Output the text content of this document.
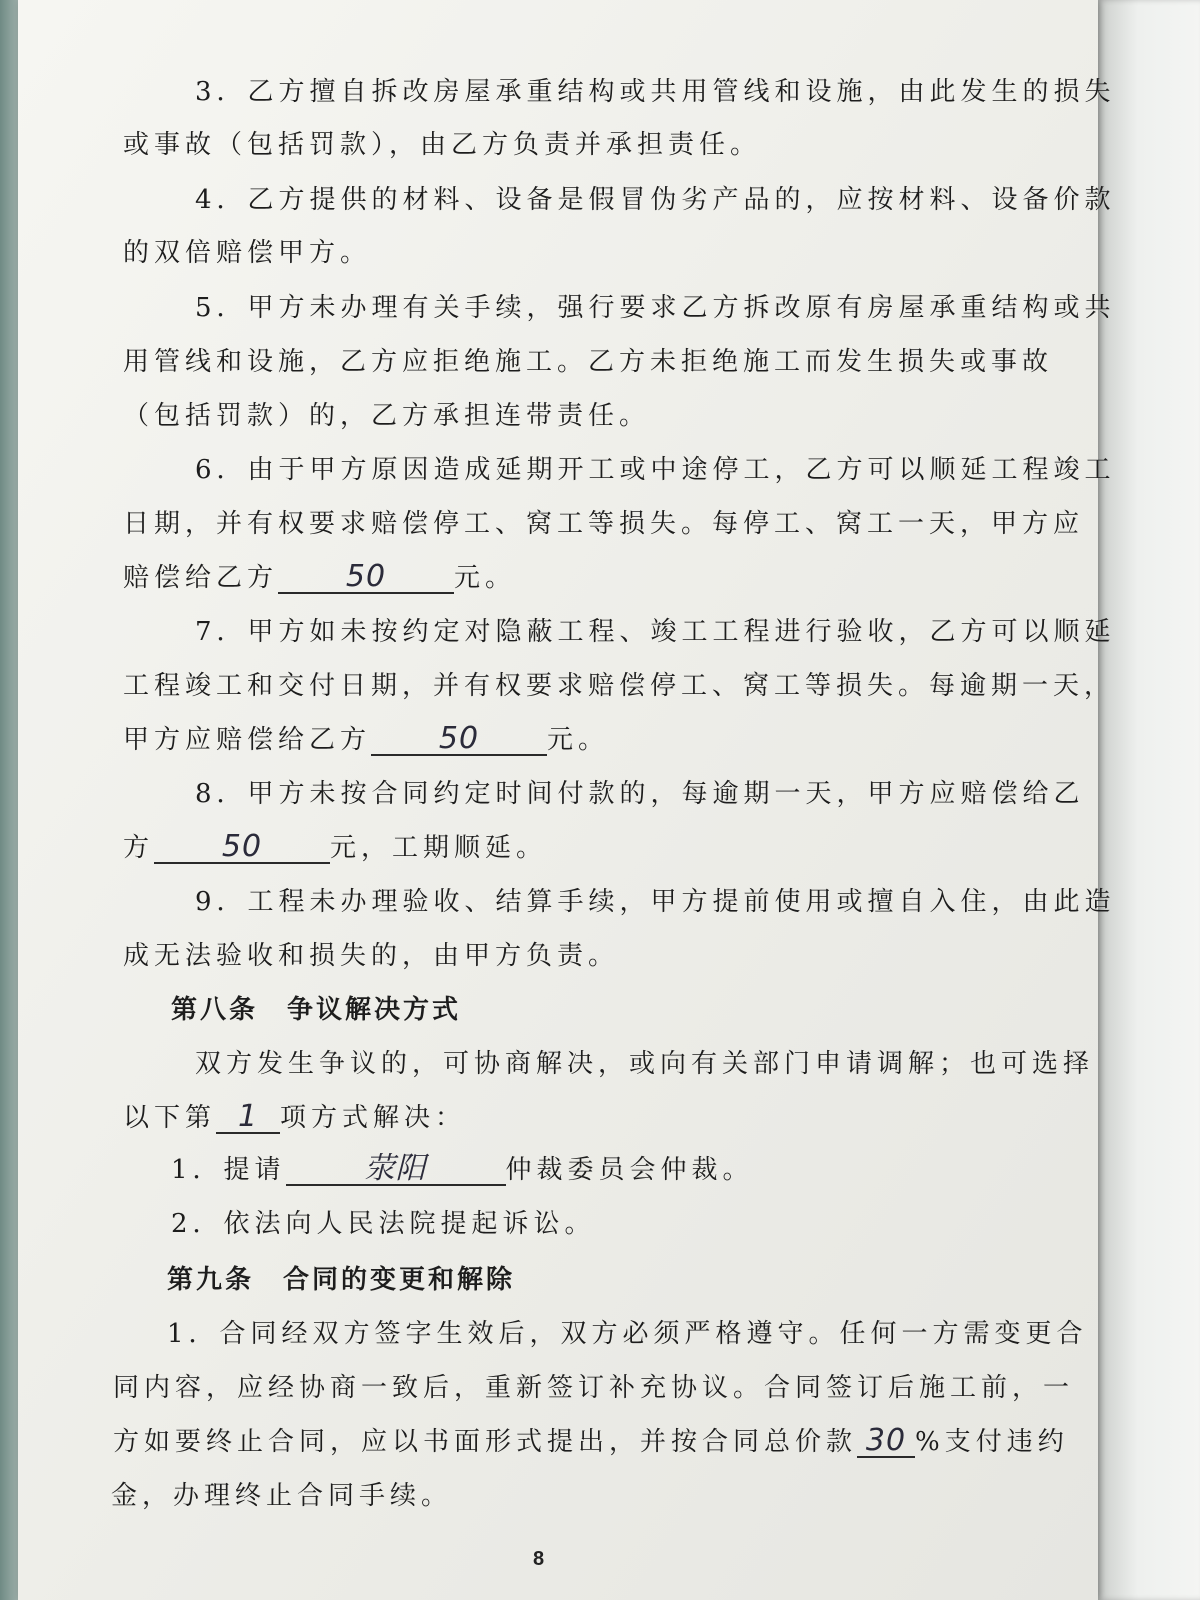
3．乙方擅自拆改房屋承重结构或共用管线和设施，由此发生的损失
或事故（包括罚款），由乙方负责并承担责任。
4．乙方提供的材料、设备是假冒伪劣产品的，应按材料、设备价款
的双倍赔偿甲方。
5．甲方未办理有关手续，强行要求乙方拆改原有房屋承重结构或共
用管线和设施，乙方应拒绝施工。乙方未拒绝施工而发生损失或事故
（包括罚款）的，乙方承担连带责任。
6．由于甲方原因造成延期开工或中途停工，乙方可以顺延工程竣工
日期，并有权要求赔偿停工、窝工等损失。每停工、窝工一天，甲方应
赔偿给乙方 50	元。
7．甲方如未按约定对隐蔽工程、竣工工程进行验收，乙方可以顺延
工程竣工和交付日期，并有权要求赔偿停工、窝工等损失。每逾期一天，
甲方应赔偿给乙方 50	元。
8．甲方未按合同约定时间付款的，每逾期一天，甲方应赔偿给乙
方 50	元，工期顺延。
9．工程未办理验收、结算手续，甲方提前使用或擅自入住，由此造
成无法验收和损失的，由甲方负责。
第八条　争议解决方式
双方发生争议的，可协商解决，或向有关部门申请调解；也可选择
以下第 1 项方式解决：
1．提请	荥阳	仲裁委员会仲裁。
2．依法向人民法院提起诉讼。
第九条　合同的变更和解除
1．合同经双方签字生效后，双方必须严格遵守。任何一方需变更合
同内容，应经协商一致后，重新签订补充协议。合同签订后施工前，一
方如要终止合同，应以书面形式提出，并按合同总价款 30 %支付违约
金，办理终止合同手续。
8
